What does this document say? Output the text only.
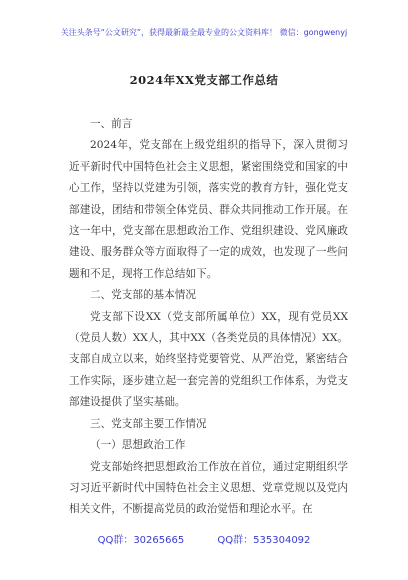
关注头条号“公文研究”，获得最新最全最专业的公文资料库！ 微信：gongwenyj
2024年XX党支部工作总结

一、前言

2024年，党支部在上级党组织的指导下，深入贯彻习近平新时代中国特色社会主义思想，紧密围绕党和国家的中心工作，坚持以党建为引领，落实党的教育方针，强化党支部建设，团结和带领全体党员、群众共同推动工作开展。在这一年中，党支部在思想政治工作、党组织建设、党风廉政建设、服务群众等方面取得了一定的成效，也发现了一些问题和不足，现将工作总结如下。

二、党支部的基本情况

党支部下设XX（党支部所属单位）XX，现有党员XX（党员人数）XX人，其中XX（各类党员的具体情况）XX。支部自成立以来，始终坚持党要管党、从严治党，紧密结合工作实际，逐步建立起一套完善的党组织工作体系，为党支部建设提供了坚实基础。

三、党支部主要工作情况

（一）思想政治工作

党支部始终把思想政治工作放在首位，通过定期组织学习习近平新时代中国特色社会主义思想、党章党规以及党内相关文件，不断提高党员的政治觉悟和理论水平。在

QQ群：30265665	QQ群：535304092
